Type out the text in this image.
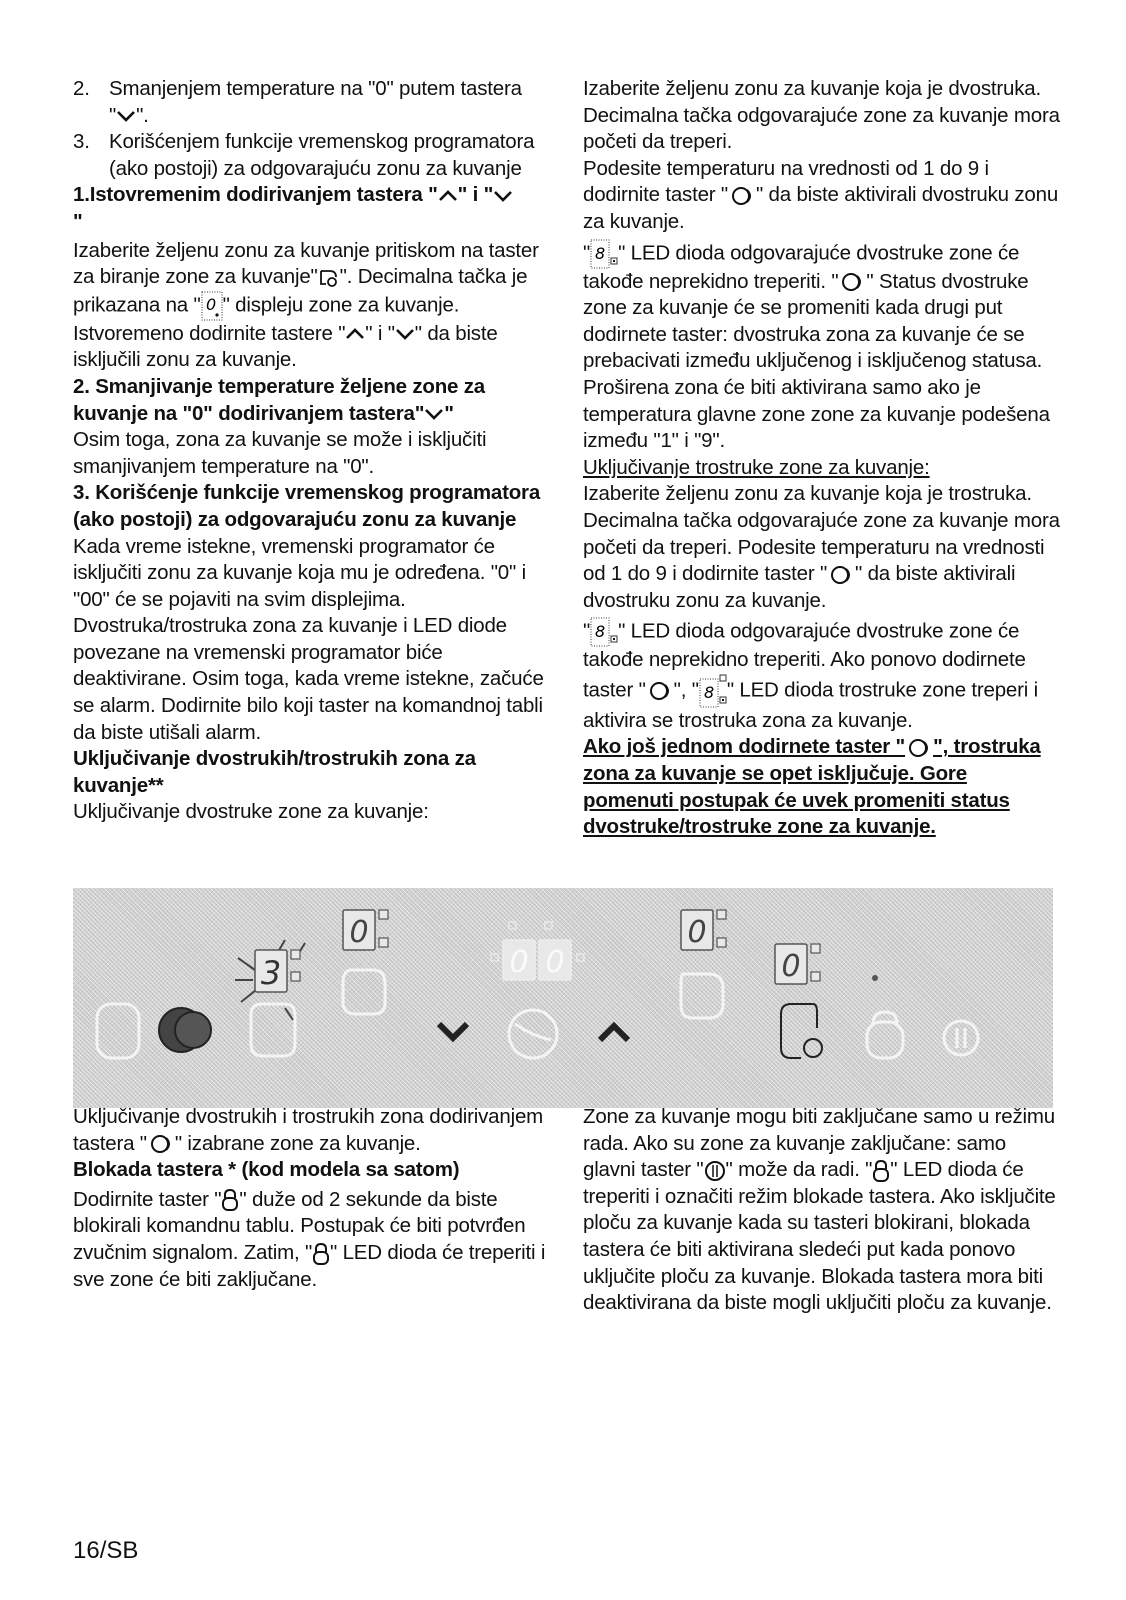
2. Smanjenjem temperature na "0" putem tastera
" ".
3. Korišćenjem funkcije vremenskog programatora
(ako postoji) za odgovarajuću zonu za kuvanje

1.Istovremenim dodirivanjem tastera " " i "
"

Izaberite željenu zonu za kuvanje pritiskom na taster za biranje zone za kuvanje" ". Decimalna tačka je
prikazana na " 0 " displeju zone za kuvanje.
Istvoremeno dodirnite tastere " " i " " da biste isključili zonu za kuvanje.

2. Smanjivanje temperature željene zone za kuvanje na "0" dodirivanjem tastera" "

Osim toga, zona za kuvanje se može i isključiti smanjivanjem temperature na "0".

3. Korišćenje funkcije vremenskog programatora (ako postoji) za odgovarajuću zonu za kuvanje

Kada vreme istekne, vremenski programator će isključiti zonu za kuvanje koja mu je određena. "0" i "00" će se pojaviti na svim displejima.

Dvostruka/trostruka zona za kuvanje i LED diode povezane na vremenski programator biće deaktivirane. Osim toga, kada vreme istekne, začuće se alarm. Dodirnite bilo koji taster na komandnoj tabli da biste utišali alarm.

Uključivanje dvostrukih/trostrukih zona za kuvanje**

Uključivanje dvostruke zone za kuvanje:

Izaberite željenu zonu za kuvanje koja je dvostruka. Decimalna tačka odgovarajuće zone za kuvanje mora početi da treperi.

Podesite temperaturu na vrednosti od 1 do 9 i dodirnite taster " " da biste aktivirali dvostruku zonu za kuvanje.

" 8 " LED dioda odgovarajuće dvostruke zone će takođe neprekidno treperiti. " " Status dvostruke zone za kuvanje će se promeniti kada drugi put dodirnete taster: dvostruka zona za kuvanje će se prebacivati između uključenog i isključenog statusa. Proširena zona će biti aktivirana samo ako je temperatura glavne zone zone za kuvanje podešena između "1" i "9".

Uključivanje trostruke zone za kuvanje:

Izaberite željenu zonu za kuvanje koja je trostruka. Decimalna tačka odgovarajuće zone za kuvanje mora početi da treperi. Podesite temperaturu na vrednosti od 1 do 9 i dodirnite taster " " da biste aktivirali dvostruku zonu za kuvanje.

" 8 " LED dioda odgovarajuće dvostruke zone će takođe neprekidno treperiti. Ako ponovo dodirnete taster " ", " 8 " LED dioda trostruke zone treperi i aktivira se trostruka zona za kuvanje.

Ako još jednom dodirnete taster " ", trostruka zona za kuvanje se opet isključuje. Gore pomenuti postupak će uvek promeniti status dvostruke/trostruke zone za kuvanje.

0
3	0 0
0
0

Uključivanje dvostrukih i trostrukih zona dodirivanjem tastera " " izabrane zone za kuvanje.

Blokada tastera * (kod modela sa satom)

Dodirnite taster " " duže od 2 sekunde da biste blokirali komandnu tablu. Postupak će biti potvrđen zvučnim signalom. Zatim, " " LED dioda će treperiti i sve zone će biti zaključane.

Zone za kuvanje mogu biti zaključane samo u režimu rada. Ako su zone za kuvanje zaključane: samo glavni taster " " može da radi. " " LED dioda će treperiti i označiti režim blokade tastera. Ako isključite ploču za kuvanje kada su tasteri blokirani, blokada tastera će biti aktivirana sledeći put kada ponovo uključite ploču za kuvanje. Blokada tastera mora biti deaktivirana da biste mogli uključiti ploču za kuvanje.

16/SB
